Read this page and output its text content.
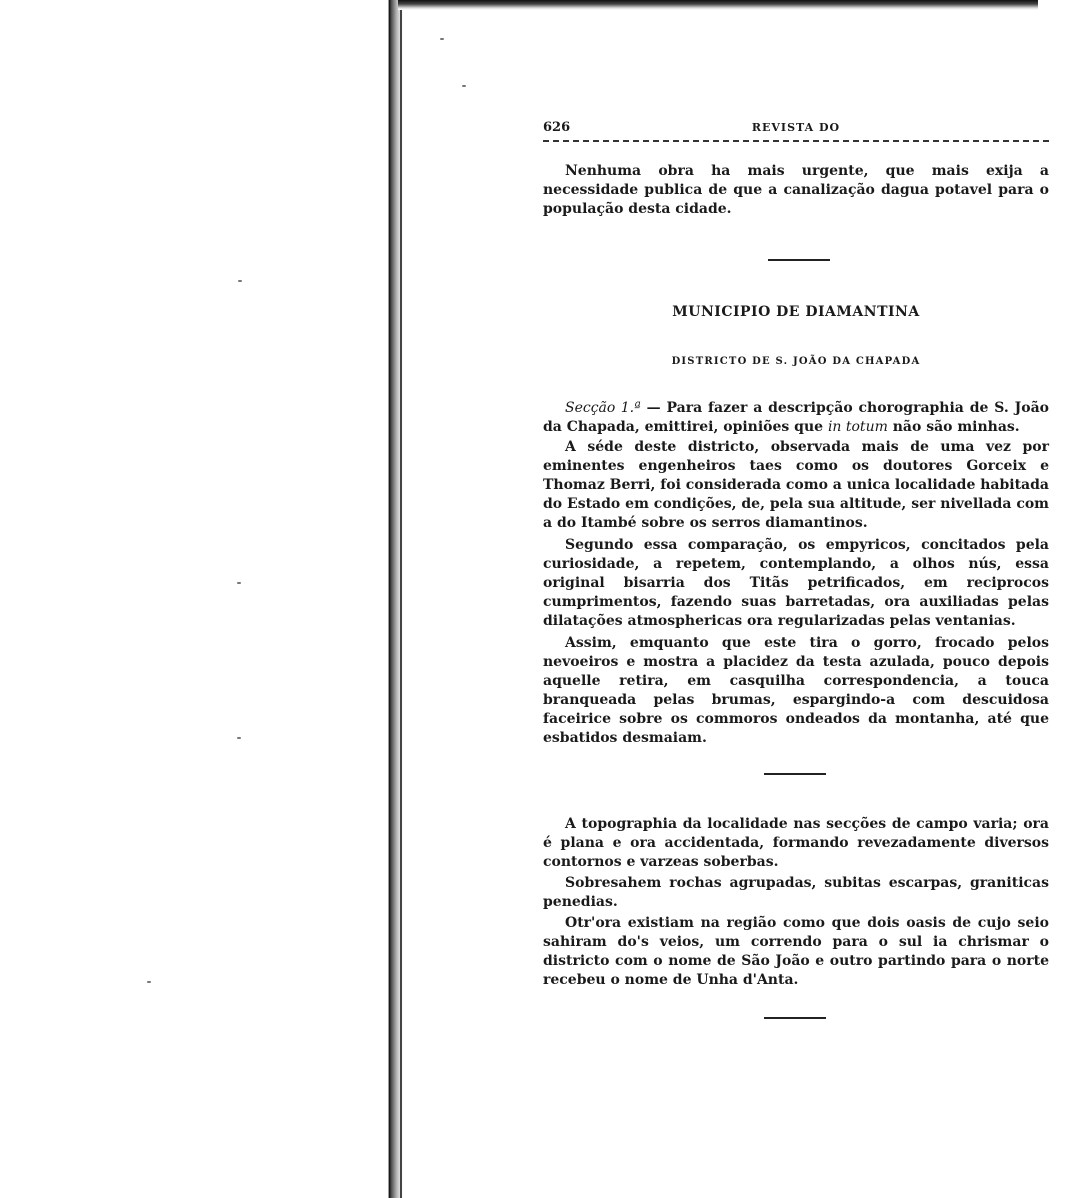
626	REVISTA DO

Nenhuma obra ha mais urgente, que mais exija a necessidade publica de que a canalização dagua potavel para o população desta cidade.

MUNICIPIO DE DIAMANTINA
DISTRICTO DE S. JOÃO DA CHAPADA

Secção 1.ª — Para fazer a descripção chorographia de S. João da Chapada, emittirei, opiniões que in totum não são minhas.

A séde deste districto, observada mais de uma vez por eminentes engenheiros taes como os doutores Gorceix e Thomaz Berri, foi considerada como a unica localidade habitada do Estado em condições, de, pela sua altitude, ser nivellada com a do Itambé sobre os serros diamantinos.

Segundo essa comparação, os empyricos, concitados pela curiosidade, a repetem, contemplando, a olhos nús, essa original bisarria dos Titãs petrificados, em reciprocos cumprimentos, fazendo suas barretadas, ora auxiliadas pelas dilatações atmosphericas ora regularizadas pelas ventanias.

Assim, emquanto que este tira o gorro, frocado pelos nevoeiros e mostra a placidez da testa azulada, pouco depois aquelle retira, em casquilha correspondencia, a touca branqueada pelas brumas, espargindo-a com descuidosa faceirice sobre os commoros ondeados da montanha, até que esbatidos desmaiam.

A topographia da localidade nas secções de campo varia; ora é plana e ora accidentada, formando revezadamente diversos contornos e varzeas soberbas.

Sobresahem rochas agrupadas, subitas escarpas, graniticas penedias.

Otr'ora existiam na região como que dois oasis de cujo seio sahiram do's veios, um correndo para o sul ia chrismar o districto com o nome de São João e outro partindo para o norte recebeu o nome de Unha d'Anta.
